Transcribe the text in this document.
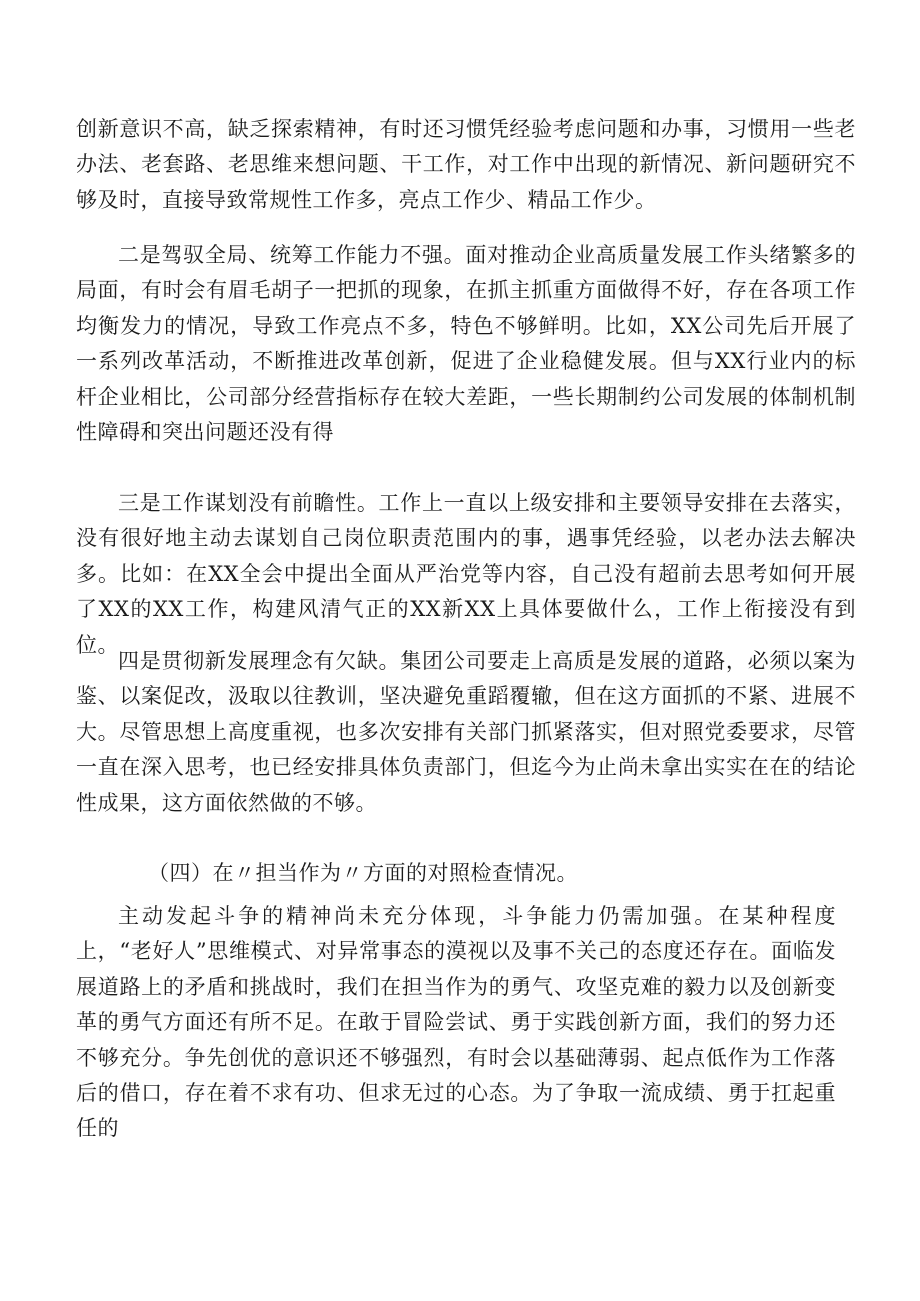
创新意识不高，缺乏探索精神，有时还习惯凭经验考虑问题和办事，习惯用一些老办法、老套路、老思维来想问题、干工作，对工作中出现的新情况、新问题研究不够及时，直接导致常规性工作多，亮点工作少、精品工作少。

二是驾驭全局、统筹工作能力不强。面对推动企业高质量发展工作头绪繁多的局面，有时会有眉毛胡子一把抓的现象，在抓主抓重方面做得不好，存在各项工作均衡发力的情况，导致工作亮点不多，特色不够鲜明。比如，XX公司先后开展了一系列改革活动，不断推进改革创新，促进了企业稳健发展。但与XX行业内的标杆企业相比，公司部分经营指标存在较大差距，一些长期制约公司发展的体制机制性障碍和突出问题还没有得

三是工作谋划没有前瞻性。工作上一直以上级安排和主要领导安排在去落实，没有很好地主动去谋划自己岗位职责范围内的事，遇事凭经验，以老办法去解决多。比如：在XX全会中提出全面从严治党等内容，自己没有超前去思考如何开展了XX的XX工作，构建风清气正的XX新XX上具体要做什么，工作上衔接没有到位。

四是贯彻新发展理念有欠缺。集团公司要走上高质是发展的道路，必须以案为鉴、以案促改，汲取以往教训，坚决避免重蹈覆辙，但在这方面抓的不紧、进展不大。尽管思想上高度重视，也多次安排有关部门抓紧落实，但对照党委要求，尽管一直在深入思考，也已经安排具体负责部门，但迄今为止尚未拿出实实在在的结论性成果，这方面依然做的不够。

（四）在〃担当作为〃方面的对照检查情况。

主动发起斗争的精神尚未充分体现，斗争能力仍需加强。在某种程度上，“老好人”思维模式、对异常事态的漠视以及事不关己的态度还存在。面临发展道路上的矛盾和挑战时，我们在担当作为的勇气、攻坚克难的毅力以及创新变革的勇气方面还有所不足。在敢于冒险尝试、勇于实践创新方面，我们的努力还不够充分。争先创优的意识还不够强烈，有时会以基础薄弱、起点低作为工作落后的借口，存在着不求有功、但求无过的心态。为了争取一流成绩、勇于扛起重任的
